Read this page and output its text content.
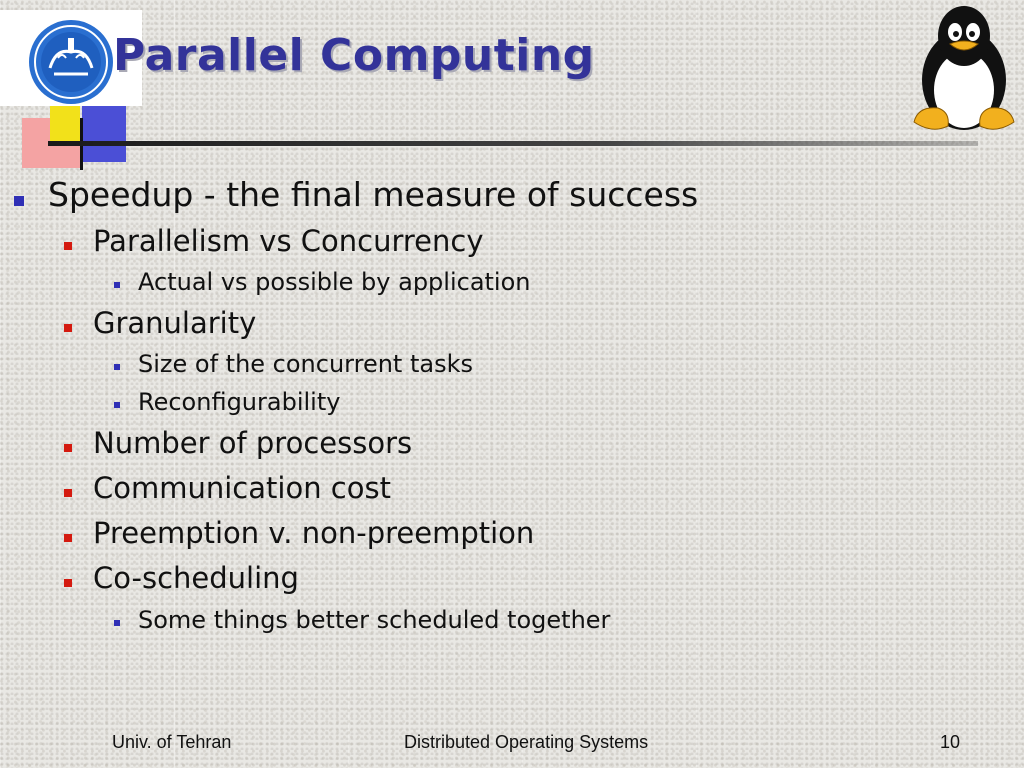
Parallel Computing
Speedup - the final measure of success
Parallelism vs Concurrency
Actual vs possible by application
Granularity
Size of the concurrent tasks
Reconfigurability
Number of processors
Communication cost
Preemption v. non-preemption
Co-scheduling
Some things better scheduled together
Univ. of Tehran	Distributed Operating Systems	10
